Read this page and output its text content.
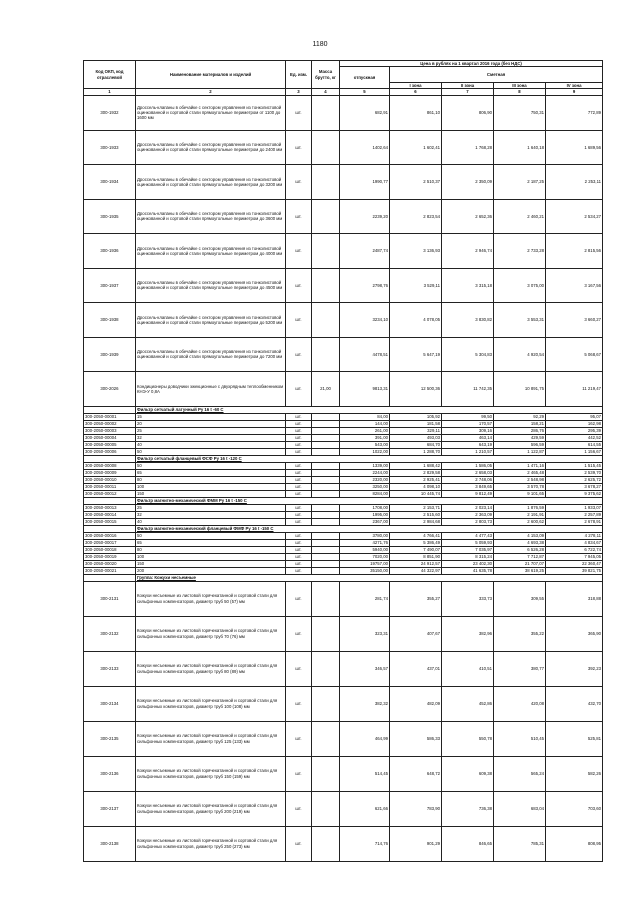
1180
Код ОКП, код отраслевой	Наименование материалов и изделий	Ед. изм.	Масса брутто, кг	Цена в рублях на 1 квартал 2016 года (без НДС)				
				отпускная	Сметная			
					I зона	II зона	III зона	IV зона
1	2	3	4	5	6	7	8	9
300-1932	Дроссель-клапаны в обечайке с сектором управления из тонколистовой оцинкованной и сортовой стали прямоугольные периметром от 1100 до 1600 мм	шт.		682,91	861,10	806,90	750,31	772,89
300-1933	Дроссель-клапаны в обечайке с сектором управления из тонколистовой оцинкованной и сортовой стали прямоугольные периметром до 2400 мм	шт.		1402,64	1 602,41	1 768,28	1 640,18	1 689,56
300-1934	Дроссель-клапаны в обечайке с сектором управления из тонколистовой оцинкованной и сортовой стали прямоугольные периметром до 3200 мм	шт.		1990,77	2 510,37	2 350,09	2 187,25	2 253,11
300-1935	Дроссель-клапаны в обечайке с сектором управления из тонколистовой оцинкованной и сортовой стали прямоугольные периметром до 3600 мм	шт.		2239,20	2 823,54	2 652,36	2 460,21	2 534,27
300-1936	Дроссель-клапаны в обечайке с сектором управления из тонколистовой оцинкованной и сортовой стали прямоугольные периметром до 4000 мм	шт.		2487,74	3 136,93	2 946,74	2 733,28	2 815,56
300-1937	Дроссель-клапаны в обечайке с сектором управления из тонколистовой оцинкованной и сортовой стали прямоугольные периметром до 4500 мм	шт.		2798,76	3 529,11	3 315,18	3 075,00	3 167,56
300-1938	Дроссель-клапаны в обечайке с сектором управления из тонколистовой оцинкованной и сортовой стали прямоугольные периметром до 5200 мм	шт.		3234,10	4 078,05	3 830,82	3 553,31	3 660,27
300-1939	Дроссель-клапаны в обечайке с сектором управления из тонколистовой оцинкованной и сортовой стали прямоугольные периметром до 7200 мм	шт.		4478,51	5 647,19	5 304,83	4 920,54	5 068,67
300-2026	Кондиционеры доводчики эжекционные с двухрядным теплообменником КНЭ-У 0,8А	шт.	21,00	9813,31	12 500,36	11 742,35	10 891,75	11 219,47
	Фильтр сетчатый латунный Ру 16 t -60 С							
300-2050-00001	15	шт.		84,00	105,92	99,50	92,29	95,07
300-2050-00002	20	шт.		144,00	181,58	170,57	158,21	162,98
300-2050-00003	25	шт.		261,00	329,11	309,16	286,76	295,39
300-2050-00004	32	шт.		391,00	493,03	463,14	429,59	442,52
300-2050-00005	40	шт.		543,00	684,70	643,19	596,59	614,55
300-2050-00006	50	шт.		1022,00	1 288,70	1 210,57	1 122,87	1 156,67
	Фильтр сетчатый фланцевый ФСФ Ру 16 t -120 С							
300-2050-00008	50	шт.		1339,00	1 688,42	1 586,05	1 471,16	1 515,45
300-2050-00009	65	шт.		2244,00	2 829,58	2 658,03	2 465,48	2 539,70
300-2050-00010	80	шт.		2320,00	2 925,41	2 748,06	2 548,98	2 625,72
300-2050-00011	100	шт.		3250,00	4 098,10	3 849,65	3 570,78	3 678,27
300-2050-00012	150	шт.		8284,00	10 445,74	9 812,49	9 101,65	9 375,62
	Фильтр магнитно-механический ФММ Ру 16 t -150 С							
300-2050-00013	25	шт.		1708,00	2 153,71	2 023,14	1 876,59	1 933,07
300-2050-00014	32	шт.		1995,00	2 515,60	2 363,09	2 191,91	2 257,89
300-2050-00015	40	шт.		2367,00	2 984,68	2 803,73	2 600,62	2 678,91
	Фильтр магнитно-механический фланцевый ФМФ Ру 16 t -150 С							
300-2050-00016	50	шт.		3780,00	4 766,41	4 477,43	4 153,09	4 278,11
300-2050-00017	65	шт.		4271,76	5 386,49	5 059,93	4 693,38	4 834,67
300-2050-00018	80	шт.		5940,00	7 490,07	7 035,97	6 526,28	6 722,74
300-2050-00019	100	шт.		7020,00	8 851,90	8 315,24	7 712,87	7 945,05
300-2050-00020	150	шт.		19757,00	24 912,57	23 402,30	21 707,07	22 360,47
300-2050-00021	200	шт.		35150,00	44 322,97	41 635,78	38 619,25	39 821,75
	Группа: Кожухи несъемные							
300-2131	Кожухи несъемные из листовой горячекатанной и сортовой стали для сильфонных компенсаторов, диаметр труб 50 (57) мм	шт.		281,74	355,27	333,73	309,55	318,88
300-2132	Кожухи несъемные из листовой горячекатанной и сортовой стали для сильфонных компенсаторов, диаметр труб 70 (76) мм	шт.		323,31	407,67	382,96	355,22	365,90
300-2133	Кожухи несъемные из листовой горячекатанной и сортовой стали для сильфонных компенсаторов, диаметр труб 80 (89) мм	шт.		346,57	437,01	410,51	380,77	392,23
300-2134	Кожухи несъемные из листовой горячекатанной и сортовой стали для сильфонных компенсаторов, диаметр труб 100 (108) мм	шт.		382,32	482,09	452,86	420,08	432,70
300-2135	Кожухи несъемные из листовой горячекатанной и сортовой стали для сильфонных компенсаторов, диаметр труб 125 (133) мм	шт.		464,99	586,33	550,78	510,45	525,81
300-2136	Кожухи несъемные из листовой горячекатанной и сортовой стали для сильфонных компенсаторов, диаметр труб 150 (159) мм	шт.		514,45	648,72	609,38	565,24	582,26
300-2137	Кожухи несъемные из листовой горячекатанной и сортовой стали для сильфонных компенсаторов, диаметр труб 200 (219) мм	шт.		621,66	783,90	736,38	683,04	703,60
300-2138	Кожухи несъемные из листовой горячекатанной и сортовой стали для сильфонных компенсаторов, диаметр труб 250 (273) мм	шт.		714,76	901,29	846,65	785,31	808,95
